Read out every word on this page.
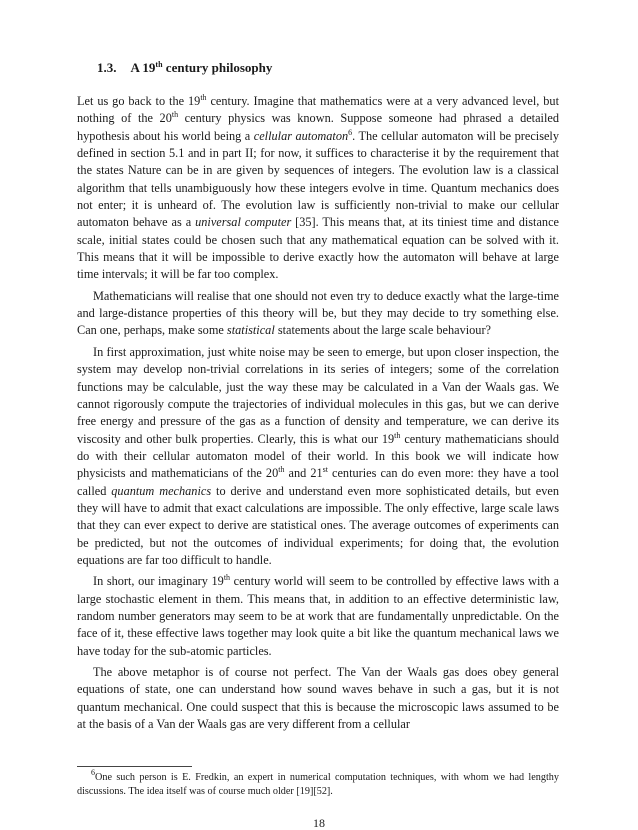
1.3. A 19th century philosophy

Let us go back to the 19th century. Imagine that mathematics were at a very advanced level, but nothing of the 20th century physics was known. Suppose someone had phrased a detailed hypothesis about his world being a cellular automaton$^6$. The cellular automaton will be precisely defined in section 5.1 and in part II; for now, it suffices to characterise it by the requirement that the states Nature can be in are given by sequences of integers. The evolution law is a classical algorithm that tells unambiguously how these integers evolve in time. Quantum mechanics does not enter; it is unheard of. The evolution law is sufficiently non-trivial to make our cellular automaton behave as a universal computer [35]. This means that, at its tiniest time and distance scale, initial states could be chosen such that any mathematical equation can be solved with it. This means that it will be impossible to derive exactly how the automaton will behave at large time intervals; it will be far too complex.

Mathematicians will realise that one should not even try to deduce exactly what the large-time and large-distance properties of this theory will be, but they may decide to try something else. Can one, perhaps, make some statistical statements about the large scale behaviour?

In first approximation, just white noise may be seen to emerge, but upon closer inspection, the system may develop non-trivial correlations in its series of integers; some of the correlation functions may be calculable, just the way these may be calculated in a Van der Waals gas. We cannot rigorously compute the trajectories of individual molecules in this gas, but we can derive free energy and pressure of the gas as a function of density and temperature, we can derive its viscosity and other bulk properties. Clearly, this is what our 19th century mathematicians should do with their cellular automaton model of their world. In this book we will indicate how physicists and mathematicians of the 20th and 21st centuries can do even more: they have a tool called quantum mechanics to derive and understand even more sophisticated details, but even they will have to admit that exact calculations are impossible. The only effective, large scale laws that they can ever expect to derive are statistical ones. The average outcomes of experiments can be predicted, but not the outcomes of individual experiments; for doing that, the evolution equations are far too difficult to handle.

In short, our imaginary 19th century world will seem to be controlled by effective laws with a large stochastic element in them. This means that, in addition to an effective deterministic law, random number generators may seem to be at work that are fundamentally unpredictable. On the face of it, these effective laws together may look quite a bit like the quantum mechanical laws we have today for the sub-atomic particles.

The above metaphor is of course not perfect. The Van der Waals gas does obey general equations of state, one can understand how sound waves behave in such a gas, but it is not quantum mechanical. One could suspect that this is because the microscopic laws assumed to be at the basis of a Van der Waals gas are very different from a cellular

$^6$One such person is E. Fredkin, an expert in numerical computation techniques, with whom we had lengthy discussions. The idea itself was of course much older [19][52].
18
